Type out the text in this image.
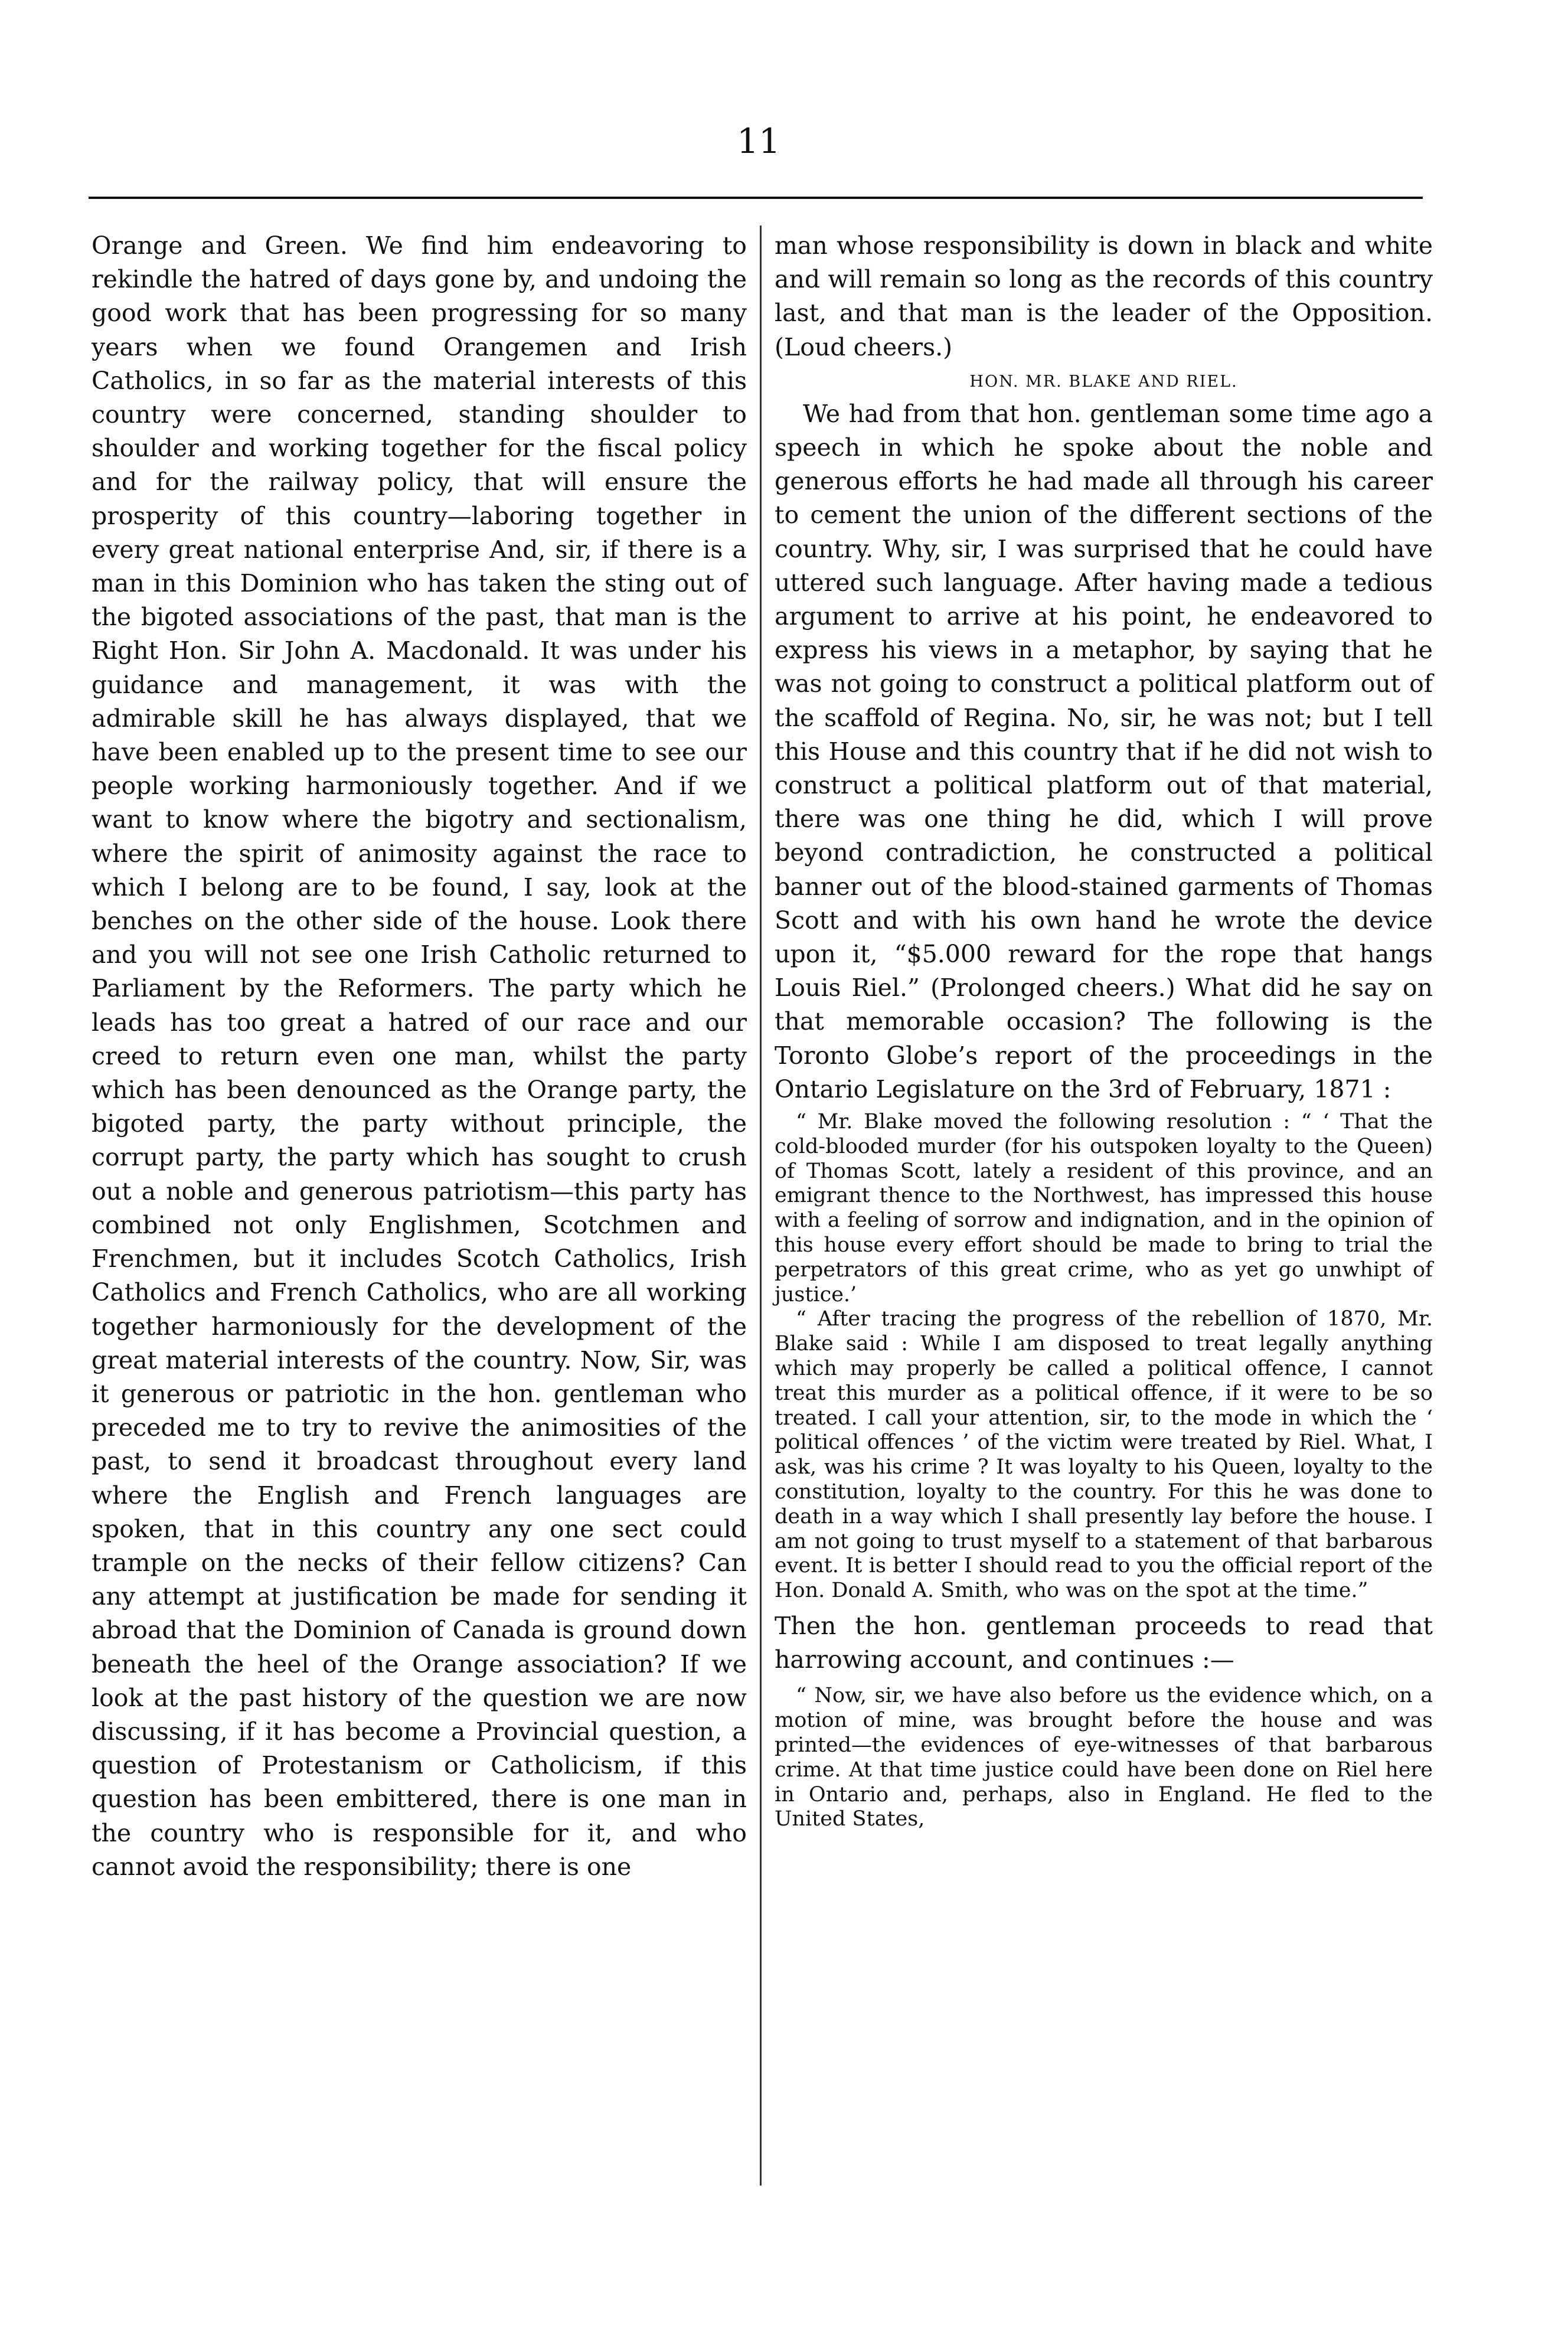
11

Orange and Green. We find him endeavoring to rekindle the hatred of days gone by, and undoing the good work that has been progressing for so many years when we found Orangemen and Irish Catholics, in so far as the material interests of this country were concerned, standing shoulder to shoulder and working together for the fiscal policy and for the railway policy, that will ensure the prosperity of this country—laboring together in every great national enterprise And, sir, if there is a man in this Dominion who has taken the sting out of the bigoted associations of the past, that man is the Right Hon. Sir John A. Macdonald. It was under his guidance and management, it was with the admirable skill he has always displayed, that we have been enabled up to the present time to see our people working harmoniously together. And if we want to know where the bigotry and sectionalism, where the spirit of animosity against the race to which I belong are to be found, I say, look at the benches on the other side of the house. Look there and you will not see one Irish Catholic returned to Parliament by the Reformers. The party which he leads has too great a hatred of our race and our creed to return even one man, whilst the party which has been denounced as the Orange party, the bigoted party, the party without principle, the corrupt party, the party which has sought to crush out a noble and generous patriotism—this party has combined not only Englishmen, Scotchmen and Frenchmen, but it includes Scotch Catholics, Irish Catholics and French Catholics, who are all working together harmoniously for the development of the great material interests of the country. Now, Sir, was it generous or patriotic in the hon. gentleman who preceded me to try to revive the animosities of the past, to send it broadcast throughout every land where the English and French languages are spoken, that in this country any one sect could trample on the necks of their fellow citizens? Can any attempt at justification be made for sending it abroad that the Dominion of Canada is ground down beneath the heel of the Orange association? If we look at the past history of the question we are now discussing, if it has become a Provincial question, a question of Protestanism or Catholicism, if this question has been embittered, there is one man in the country who is responsible for it, and who cannot avoid the responsibility; there is one

man whose responsibility is down in black and white and will remain so long as the records of this country last, and that man is the leader of the Opposition. (Loud cheers.)

HON. MR. BLAKE AND RIEL.

We had from that hon. gentleman some time ago a speech in which he spoke about the noble and generous efforts he had made all through his career to cement the union of the different sections of the country. Why, sir, I was surprised that he could have uttered such language. After having made a tedious argument to arrive at his point, he endeavored to express his views in a metaphor, by saying that he was not going to construct a political platform out of the scaffold of Regina. No, sir, he was not; but I tell this House and this country that if he did not wish to construct a political platform out of that material, there was one thing he did, which I will prove beyond contradiction, he constructed a political banner out of the blood-stained garments of Thomas Scott and with his own hand he wrote the device upon it, “$5.000 reward for the rope that hangs Louis Riel.” (Prolonged cheers.) What did he say on that memorable occasion? The following is the Toronto Globe’s report of the proceedings in the Ontario Legislature on the 3rd of February, 1871 :

“ Mr. Blake moved the following resolution : “ ‘ That the cold-blooded murder (for his outspoken loyalty to the Queen) of Thomas Scott, lately a resident of this province, and an emigrant thence to the Northwest, has impressed this house with a feeling of sorrow and indignation, and in the opinion of this house every effort should be made to bring to trial the perpetrators of this great crime, who as yet go unwhipt of justice.’

“ After tracing the progress of the rebellion of 1870, Mr. Blake said : While I am disposed to treat legally anything which may properly be called a political offence, I cannot treat this murder as a political offence, if it were to be so treated. I call your attention, sir, to the mode in which the ‘ political offences ’ of the victim were treated by Riel. What, I ask, was his crime ? It was loyalty to his Queen, loyalty to the constitution, loyalty to the country. For this he was done to death in a way which I shall presently lay before the house. I am not going to trust myself to a statement of that barbarous event. It is better I should read to you the official report of the Hon. Donald A. Smith, who was on the spot at the time.”

Then the hon. gentleman proceeds to read that harrowing account, and continues :—

“ Now, sir, we have also before us the evidence which, on a motion of mine, was brought before the house and was printed—the evidences of eye-witnesses of that barbarous crime. At that time justice could have been done on Riel here in Ontario and, perhaps, also in England. He fled to the United States,
